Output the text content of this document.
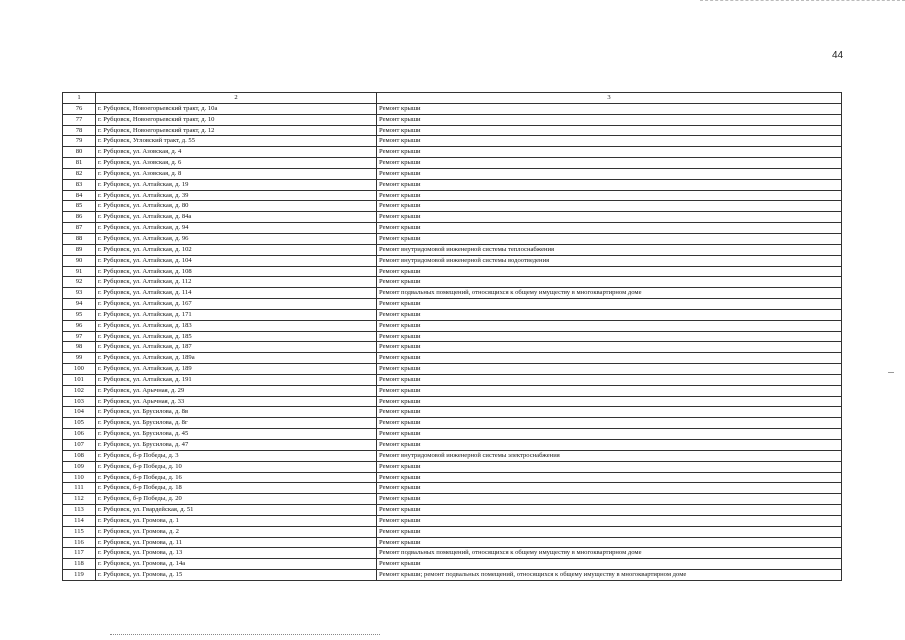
44
1	2	3
76	г. Рубцовск, Новоегорьевский тракт, д. 10а	Ремонт крыши
77	г. Рубцовск, Новоегорьевский тракт, д. 10	Ремонт крыши
78	г. Рубцовск, Новоегорьевский тракт, д. 12	Ремонт крыши
79	г. Рубцовск, Угловский тракт, д. 55	Ремонт крыши
80	г. Рубцовск, ул. Азовская, д. 4	Ремонт крыши
81	г. Рубцовск, ул. Азовская, д. 6	Ремонт крыши
82	г. Рубцовск, ул. Азовская, д. 8	Ремонт крыши
83	г. Рубцовск, ул. Алтайская, д. 19	Ремонт крыши
84	г. Рубцовск, ул. Алтайская, д. 39	Ремонт крыши
85	г. Рубцовск, ул. Алтайская, д. 80	Ремонт крыши
86	г. Рубцовск, ул. Алтайская, д. 84а	Ремонт крыши
87	г. Рубцовск, ул. Алтайская, д. 94	Ремонт крыши
88	г. Рубцовск, ул. Алтайская, д. 96	Ремонт крыши
89	г. Рубцовск, ул. Алтайская, д. 102	Ремонт внутридомовой инженерной системы теплоснабжения
90	г. Рубцовск, ул. Алтайская, д. 104	Ремонт внутридомовой инженерной системы водоотведения
91	г. Рубцовск, ул. Алтайская, д. 108	Ремонт крыши
92	г. Рубцовск, ул. Алтайская, д. 112	Ремонт крыши
93	г. Рубцовск, ул. Алтайская, д. 114	Ремонт подвальных помещений, относящихся к общему имуществу в многоквартирном доме
94	г. Рубцовск, ул. Алтайская, д. 167	Ремонт крыши
95	г. Рубцовск, ул. Алтайская, д. 171	Ремонт крыши
96	г. Рубцовск, ул. Алтайская, д. 183	Ремонт крыши
97	г. Рубцовск, ул. Алтайская, д. 185	Ремонт крыши
98	г. Рубцовск, ул. Алтайская, д. 187	Ремонт крыши
99	г. Рубцовск, ул. Алтайская, д. 189а	Ремонт крыши
100	г. Рубцовск, ул. Алтайская, д. 189	Ремонт крыши
101	г. Рубцовск, ул. Алтайская, д. 191	Ремонт крыши
102	г. Рубцовск, ул. Арычная, д. 29	Ремонт крыши
103	г. Рубцовск, ул. Арычная, д. 33	Ремонт крыши
104	г. Рубцовск, ул. Брусилова, д. 8в	Ремонт крыши
105	г. Рубцовск, ул. Брусилова, д. 8г	Ремонт крыши
106	г. Рубцовск, ул. Брусилова, д. 45	Ремонт крыши
107	г. Рубцовск, ул. Брусилова, д. 47	Ремонт крыши
108	г. Рубцовск, б-р Победы, д. 3	Ремонт внутридомовой инженерной системы электроснабжения
109	г. Рубцовск, б-р Победы, д. 10	Ремонт крыши
110	г. Рубцовск, б-р Победы, д. 16	Ремонт крыши
111	г. Рубцовск, б-р Победы, д. 18	Ремонт крыши
112	г. Рубцовск, б-р Победы, д. 20	Ремонт крыши
113	г. Рубцовск, ул. Гвардейская, д. 51	Ремонт крыши
114	г. Рубцовск, ул. Громова, д. 1	Ремонт крыши
115	г. Рубцовск, ул. Громова, д. 2	Ремонт крыши
116	г. Рубцовск, ул. Громова, д. 11	Ремонт крыши
117	г. Рубцовск, ул. Громова, д. 13	Ремонт подвальных помещений, относящихся к общему имуществу в многоквартирном доме
118	г. Рубцовск, ул. Громова, д. 14а	Ремонт крыши
119	г. Рубцовск, ул. Громова, д. 15	Ремонт крыши; ремонт подвальных помещений, относящихся к общему имуществу в многоквартирном доме
